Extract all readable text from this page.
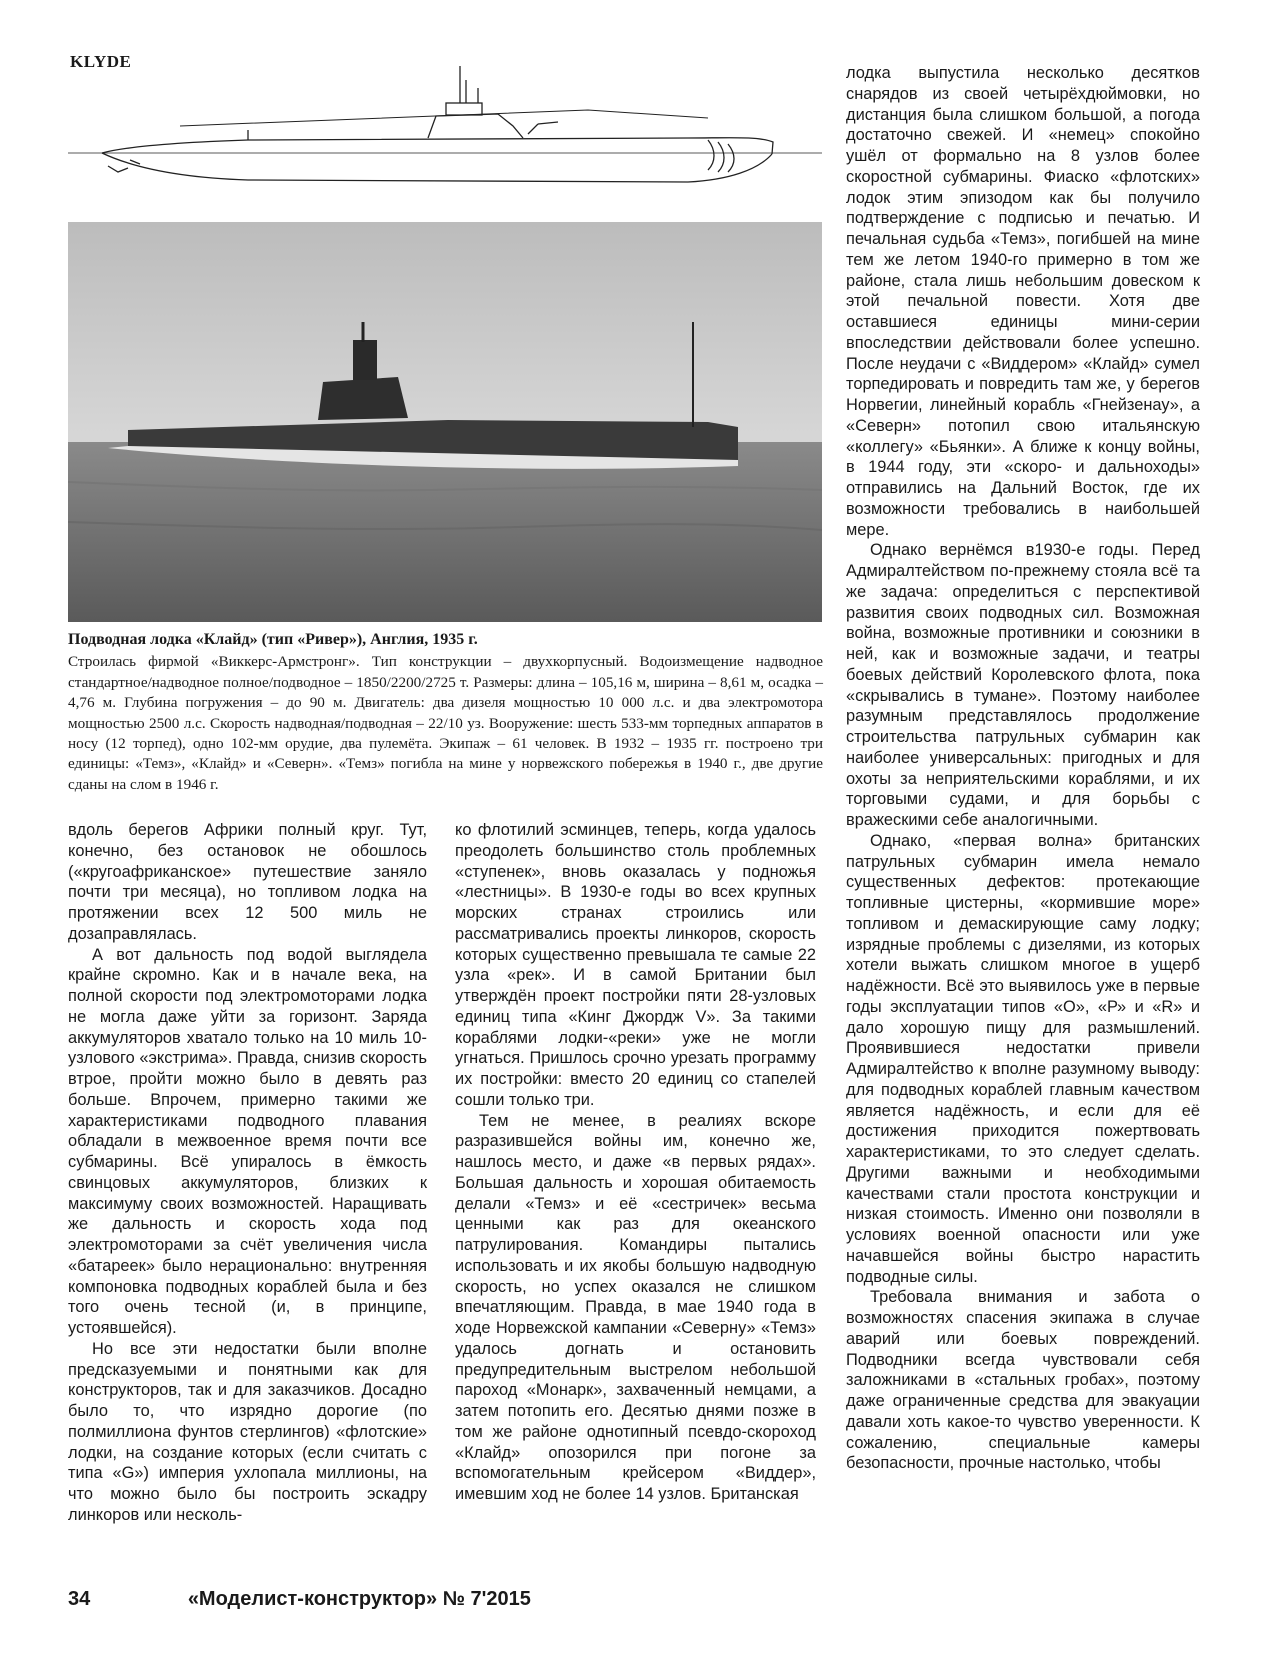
KLYDE
Подводная лодка «Клайд» (тип «Ривер»), Англия, 1935 г.

Строилась фирмой «Виккерс-Армстронг». Тип конструкции – двухкорпусный. Водоизмещение надводное стандартное/надводное полное/подводное – 1850/2200/2725 т. Размеры: длина – 105,16 м, ширина – 8,61 м, осадка – 4,76 м. Глубина погружения – до 90 м. Двигатель: два дизеля мощностью 10 000 л.с. и два электромотора мощностью 2500 л.с. Скорость надводная/подводная – 22/10 уз. Вооружение: шесть 533-мм торпедных аппаратов в носу (12 торпед), одно 102-мм орудие, два пулемёта. Экипаж – 61 человек. В 1932 – 1935 гг. построено три единицы: «Темз», «Клайд» и «Северн». «Темз» погибла на мине у норвежского побережья в 1940 г., две другие сданы на слом в 1946 г.

лодка выпустила несколько десятков снарядов из своей четырёхдюймовки, но дистанция была слишком большой, а погода достаточно свежей. И «немец» спокойно ушёл от формально на 8 узлов более скоростной субмарины. Фиаско «флотских» лодок этим эпизодом как бы получило подтверждение с подписью и печатью. И печальная судьба «Темз», погибшей на мине тем же летом 1940-го примерно в том же районе, стала лишь небольшим довеском к этой печальной повести. Хотя две оставшиеся единицы мини-серии впоследствии действовали более успешно. После неудачи с «Виддером» «Клайд» сумел торпедировать и повредить там же, у берегов Норвегии, линейный корабль «Гнейзенау», а «Северн» потопил свою итальянскую «коллегу» «Бьянки». А ближе к концу войны, в 1944 году, эти «скоро- и дальноходы» отправились на Дальний Восток, где их возможности требовались в наибольшей мере.

Однако вернёмся в1930-е годы. Перед Адмиралтейством по-прежнему стояла всё та же задача: определиться с перспективой развития своих подводных сил. Возможная война, возможные противники и союзники в ней, как и возможные задачи, и театры боевых действий Королевского флота, пока «скрывались в тумане». Поэтому наиболее разумным представлялось продолжение строительства патрульных субмарин как наиболее универсальных: пригодных и для охоты за неприятельскими кораблями, и их торговыми судами, и для борьбы с вражескими себе аналогичными.

Однако, «первая волна» британских патрульных субмарин имела немало существенных дефектов: протекающие топливные цистерны, «кормившие море» топливом и демаскирующие саму лодку; изрядные проблемы с дизелями, из которых хотели выжать слишком многое в ущерб надёжности. Всё это выявилось уже в первые годы эксплуатации типов «О», «Р» и «R» и дало хорошую пищу для размышлений. Проявившиеся недостатки привели Адмиралтейство к вполне разумному выводу: для подводных кораблей главным качеством является надёжность, и если для её достижения приходится пожертвовать характеристиками, то это следует сделать. Другими важными и необходимыми качествами стали простота конструкции и низкая стоимость. Именно они позволяли в условиях военной опасности или уже начавшейся войны быстро нарастить подводные силы.

Требовала внимания и забота о возможностях спасения экипажа в случае аварий или боевых повреждений. Подводники всегда чувствовали себя заложниками в «стальных гробах», поэтому даже ограниченные средства для эвакуации давали хоть какое-то чувство уверенности. К сожалению, специальные камеры безопасности, прочные настолько, чтобы

вдоль берегов Африки полный круг. Тут, конечно, без остановок не обошлось («кругоафриканское» путешествие заняло почти три месяца), но топливом лодка на протяжении всех 12 500 миль не дозаправлялась.

А вот дальность под водой выглядела крайне скромно. Как и в начале века, на полной скорости под электромоторами лодка не могла даже уйти за горизонт. Заряда аккумуляторов хватало только на 10 миль 10-узлового «экстрима». Правда, снизив скорость втрое, пройти можно было в девять раз больше. Впрочем, примерно такими же характеристиками подводного плавания обладали в межвоенное время почти все субмарины. Всё упиралось в ёмкость свинцовых аккумуляторов, близких к максимуму своих возможностей. Наращивать же дальность и скорость хода под электромоторами за счёт увеличения числа «батареек» было нерационально: внутренняя компоновка подводных кораблей была и без того очень тесной (и, в принципе, устоявшейся).

Но все эти недостатки были вполне предсказуемыми и понятными как для конструкторов, так и для заказчиков. Досадно было то, что изрядно дорогие (по полмиллиона фунтов стерлингов) «флотские» лодки, на создание которых (если считать с типа «G») империя ухлопала миллионы, на что можно было бы построить эскадру линкоров или несколь-

ко флотилий эсминцев, теперь, когда удалось преодолеть большинство столь проблемных «ступенек», вновь оказалась у подножья «лестницы». В 1930-е годы во всех крупных морских странах строились или рассматривались проекты линкоров, скорость которых существенно превышала те самые 22 узла «рек». И в самой Британии был утверждён проект постройки пяти 28-узловых единиц типа «Кинг Джордж V». За такими кораблями лодки-«реки» уже не могли угнаться. Пришлось срочно урезать программу их постройки: вместо 20 единиц со стапелей сошли только три.

Тем не менее, в реалиях вскоре разразившейся войны им, конечно же, нашлось место, и даже «в первых рядах». Большая дальность и хорошая обитаемость делали «Темз» и её «сестричек» весьма ценными как раз для океанского патрулирования. Командиры пытались использовать и их якобы большую надводную скорость, но успех оказался не слишком впечатляющим. Правда, в мае 1940 года в ходе Норвежской кампании «Северну» «Темз» удалось догнать и остановить предупредительным выстрелом небольшой пароход «Монарк», захваченный немцами, а затем потопить его. Десятью днями позже в том же районе однотипный псевдо-скороход «Клайд» опозорился при погоне за вспомогательным крейсером «Виддер», имевшим ход не более 14 узлов. Британская

34	«Моделист-конструктор» № 7'2015
